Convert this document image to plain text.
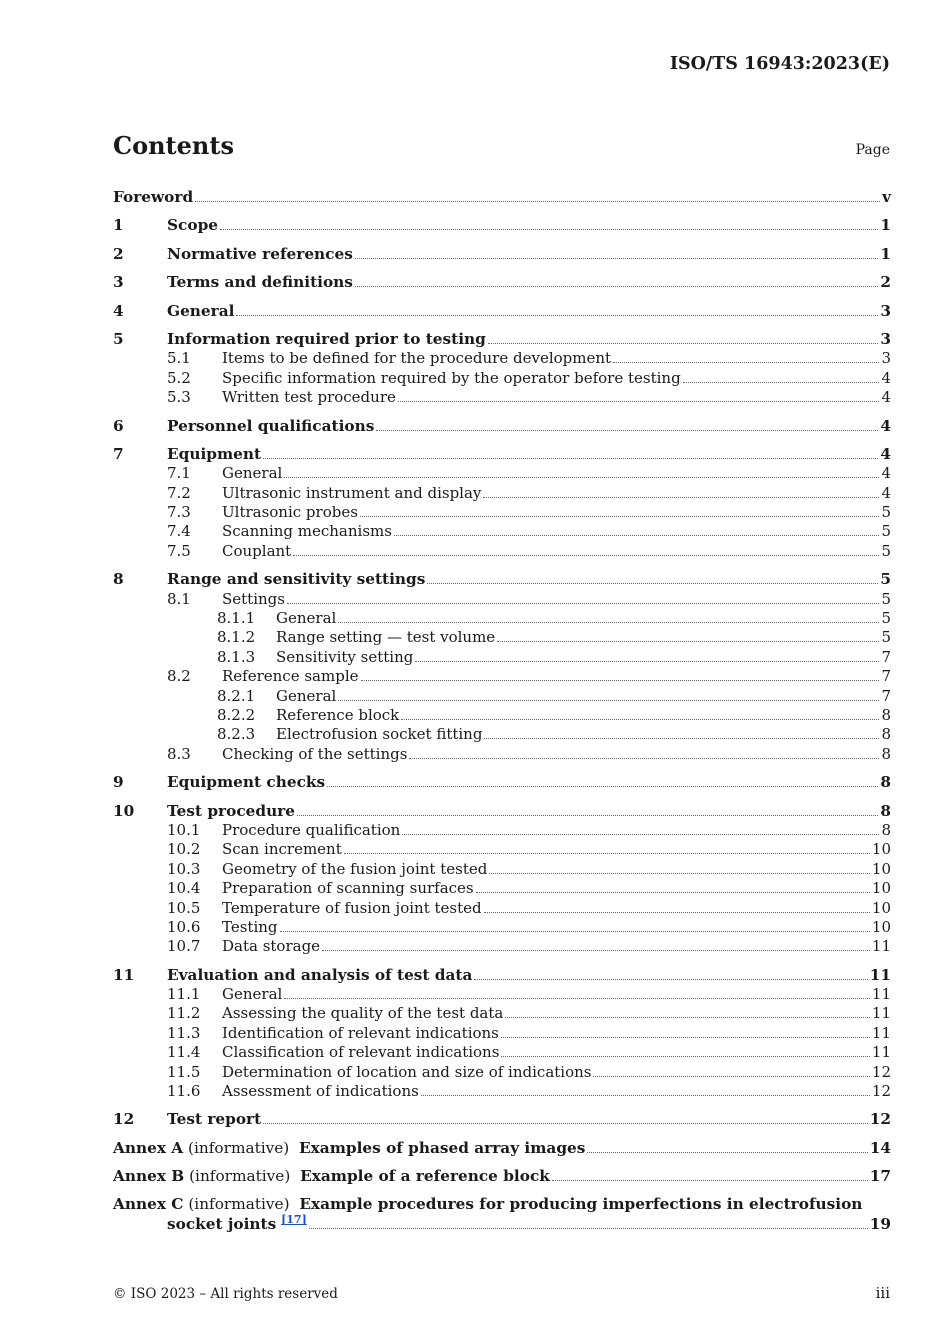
ISO/TS 16943:2023(E)
Contents	Page
Foreword	v
1	Scope	1
2	Normative references	1
3	Terms and definitions	2
4	General	3
5	Information required prior to testing	3
5.1	Items to be defined for the procedure development	3
5.2	Specific information required by the operator before testing	4
5.3	Written test procedure	4
6	Personnel qualifications	4
7	Equipment	4
7.1	General	4
7.2	Ultrasonic instrument and display	4
7.3	Ultrasonic probes	5
7.4	Scanning mechanisms	5
7.5	Couplant	5
8	Range and sensitivity settings	5
8.1	Settings	5
8.1.1	General	5
8.1.2	Range setting — test volume	5
8.1.3	Sensitivity setting	7
8.2	Reference sample	7
8.2.1	General	7
8.2.2	Reference block	8
8.2.3	Electrofusion socket fitting	8
8.3	Checking of the settings	8
9	Equipment checks	8
10	Test procedure	8
10.1	Procedure qualification	8
10.2	Scan increment	10
10.3	Geometry of the fusion joint tested	10
10.4	Preparation of scanning surfaces	10
10.5	Temperature of fusion joint tested	10
10.6	Testing	10
10.7	Data storage	11
11	Evaluation and analysis of test data	11
11.1	General	11
11.2	Assessing the quality of the test data	11
11.3	Identification of relevant indications	11
11.4	Classification of relevant indications	11
11.5	Determination of location and size of indications	12
11.6	Assessment of indications	12
12	Test report	12
Annex A (informative) Examples of phased array images	14
Annex B (informative) Example of a reference block	17
Annex C (informative) Example procedures for producing imperfections in electrofusion
socket joints [17]	19
© ISO 2023 – All rights reserved	iii
